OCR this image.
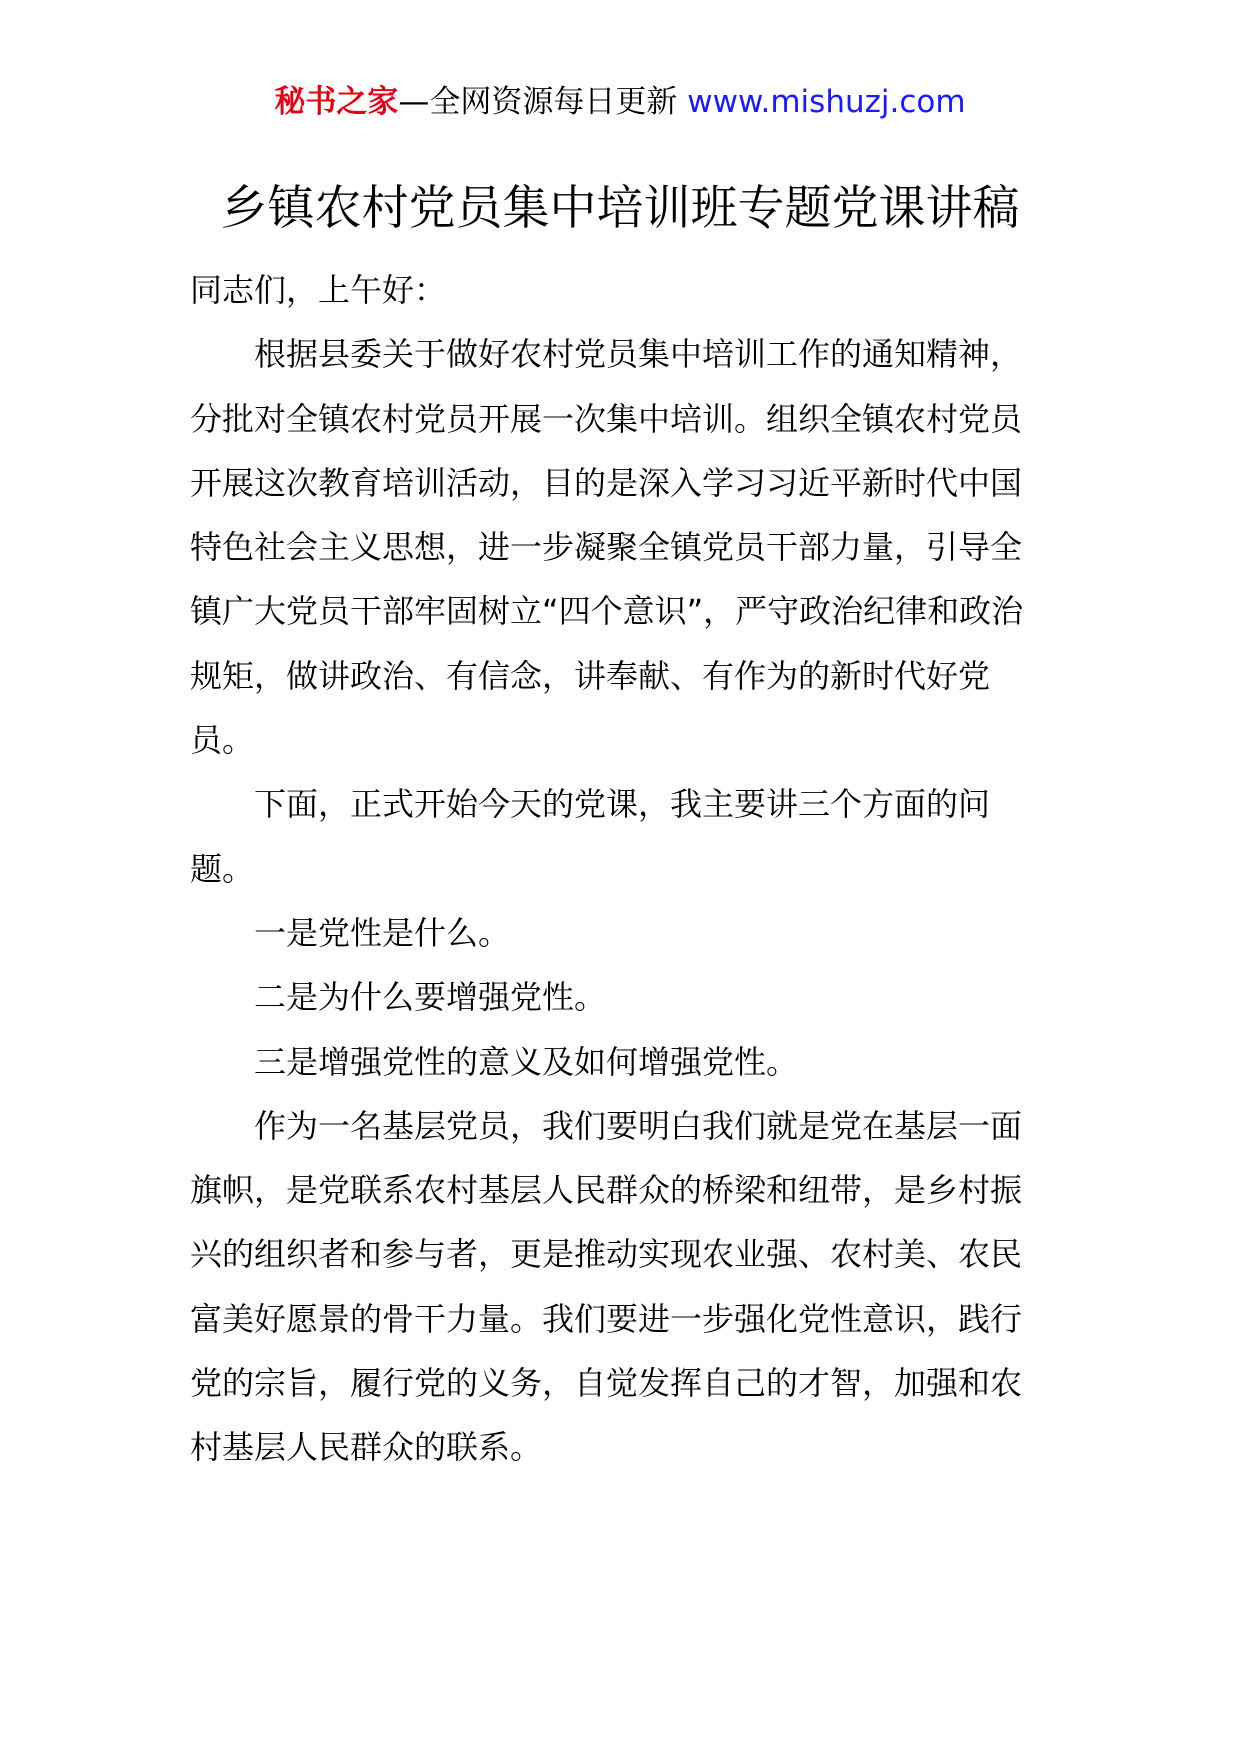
秘书之家—全网资源每日更新 www.mishuzj.com
乡镇农村党员集中培训班专题党课讲稿

同志们，上午好：

根据县委关于做好农村党员集中培训工作的通知精神，分批对全镇农村党员开展一次集中培训。组织全镇农村党员开展这次教育培训活动，目的是深入学习习近平新时代中国特色社会主义思想，进一步凝聚全镇党员干部力量，引导全镇广大党员干部牢固树立“四个意识”，严守政治纪律和政治规矩，做讲政治、有信念，讲奉献、有作为的新时代好党员。

下面，正式开始今天的党课，我主要讲三个方面的问题。

一是党性是什么。

二是为什么要增强党性。

三是增强党性的意义及如何增强党性。

作为一名基层党员，我们要明白我们就是党在基层一面旗帜，是党联系农村基层人民群众的桥梁和纽带，是乡村振兴的组织者和参与者，更是推动实现农业强、农村美、农民富美好愿景的骨干力量。我们要进一步强化党性意识，践行党的宗旨，履行党的义务，自觉发挥自己的才智，加强和农村基层人民群众的联系。
